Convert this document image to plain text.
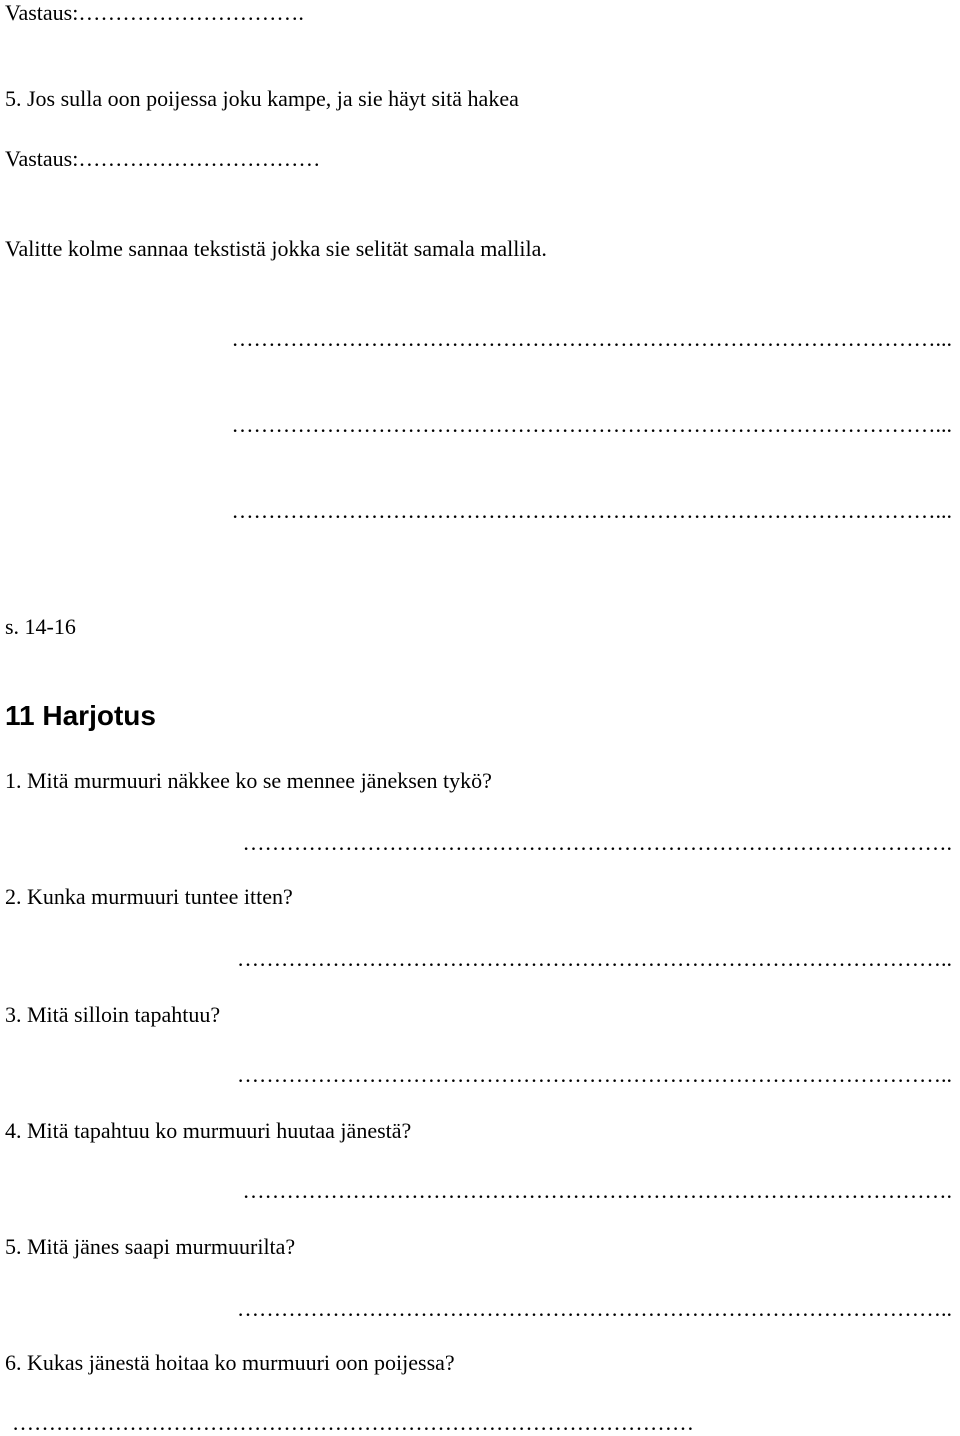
Vastaus:………………………….
5. Jos sulla oon poijessa joku kampe, ja sie häyt sitä hakea
Vastaus:……………………………
Valitte kolme sannaa tekstistä jokka sie selität samala mallila.
……………………………………………………………………………………...
……………………………………………………………………………………...
……………………………………………………………………………………...
s. 14-16
11 Harjotus
1. Mitä murmuuri näkkee ko se mennee jäneksen tykö?
…………………………………………………………………………………….
2. Kunka murmuuri tuntee itten?
……………………………………………………………………………………..
3. Mitä silloin tapahtuu?
……………………………………………………………………………………..
4. Mitä tapahtuu ko murmuuri huutaa jänestä?
…………………………………………………………………………………….
5. Mitä jänes saapi murmuurilta?
……………………………………………………………………………………..
6. Kukas jänestä hoitaa ko murmuuri oon poijessa?
…………………………………………………………………………………
